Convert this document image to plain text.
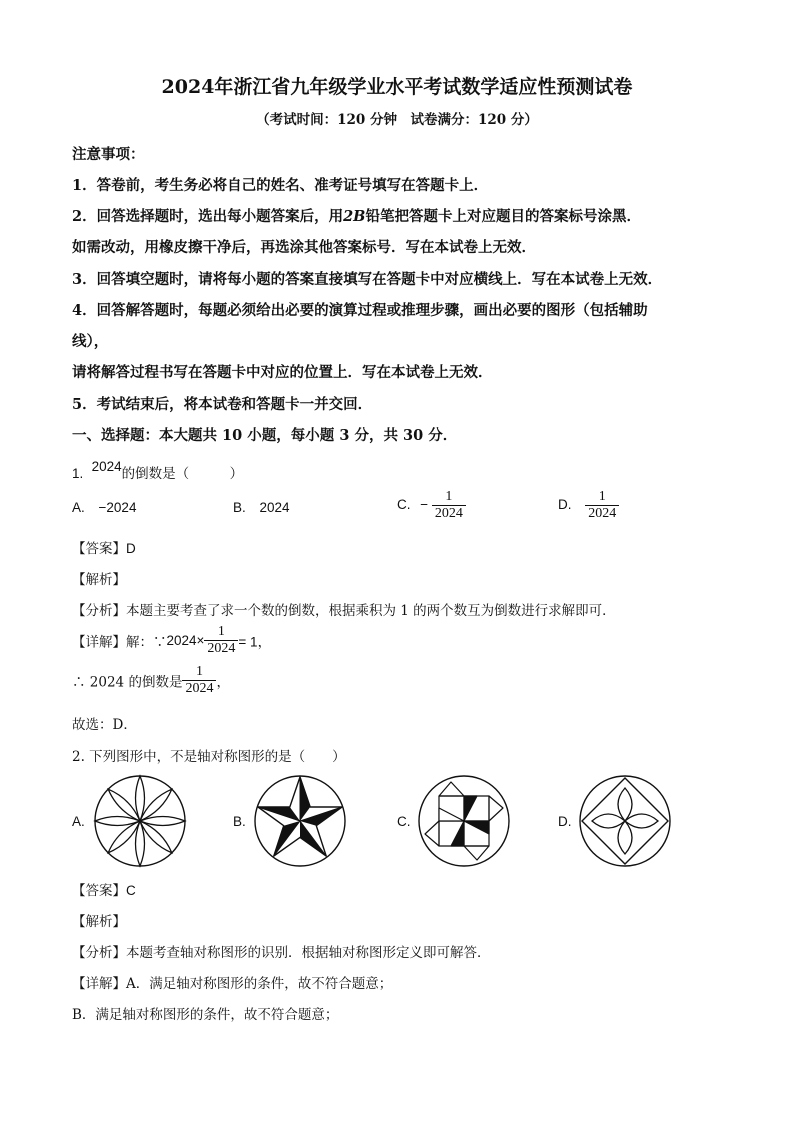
2024年浙江省九年级学业水平考试数学适应性预测试卷
（考试时间：120 分钟　试卷满分：120 分）
注意事项：
1．答卷前，考生务必将自己的姓名、准考证号填写在答题卡上．
2．回答选择题时，选出每小题答案后，用2B铅笔把答题卡上对应题目的答案标号涂黑．
如需改动，用橡皮擦干净后，再选涂其他答案标号．写在本试卷上无效．
3．回答填空题时，请将每小题的答案直接填写在答题卡中对应横线上．写在本试卷上无效．
4．回答解答题时，每题必须给出必要的演算过程或推理步骤，画出必要的图形（包括辅助
线），
请将解答过程书写在答题卡中对应的位置上．写在本试卷上无效．
5．考试结束后，将本试卷和答题卡一并交回．
一、选择题：本大题共 10 小题，每小题 3 分，共 30 分．
1. 2024的倒数是（　　　）
A. −2024	B. 2024	C. − $\frac{1}{2024}$	D. $\frac{1}{2024}$
【答案】D
【解析】
【分析】本题主要考查了求一个数的倒数，根据乘积为 1 的两个数互为倒数进行求解即可．
【详解】解：∵2024× $\frac{1}{2024} = 1$，
∴ 2024 的倒数是 $\frac{1}{2024}$ ，
故选：D．
2. 下列图形中，不是轴对称图形的是（　　）
A.	B.	C.	D.
【答案】C
【解析】
【分析】本题考查轴对称图形的识别．根据轴对称图形定义即可解答．
【详解】A．满足轴对称图形的条件，故不符合题意；
B．满足轴对称图形的条件，故不符合题意；
